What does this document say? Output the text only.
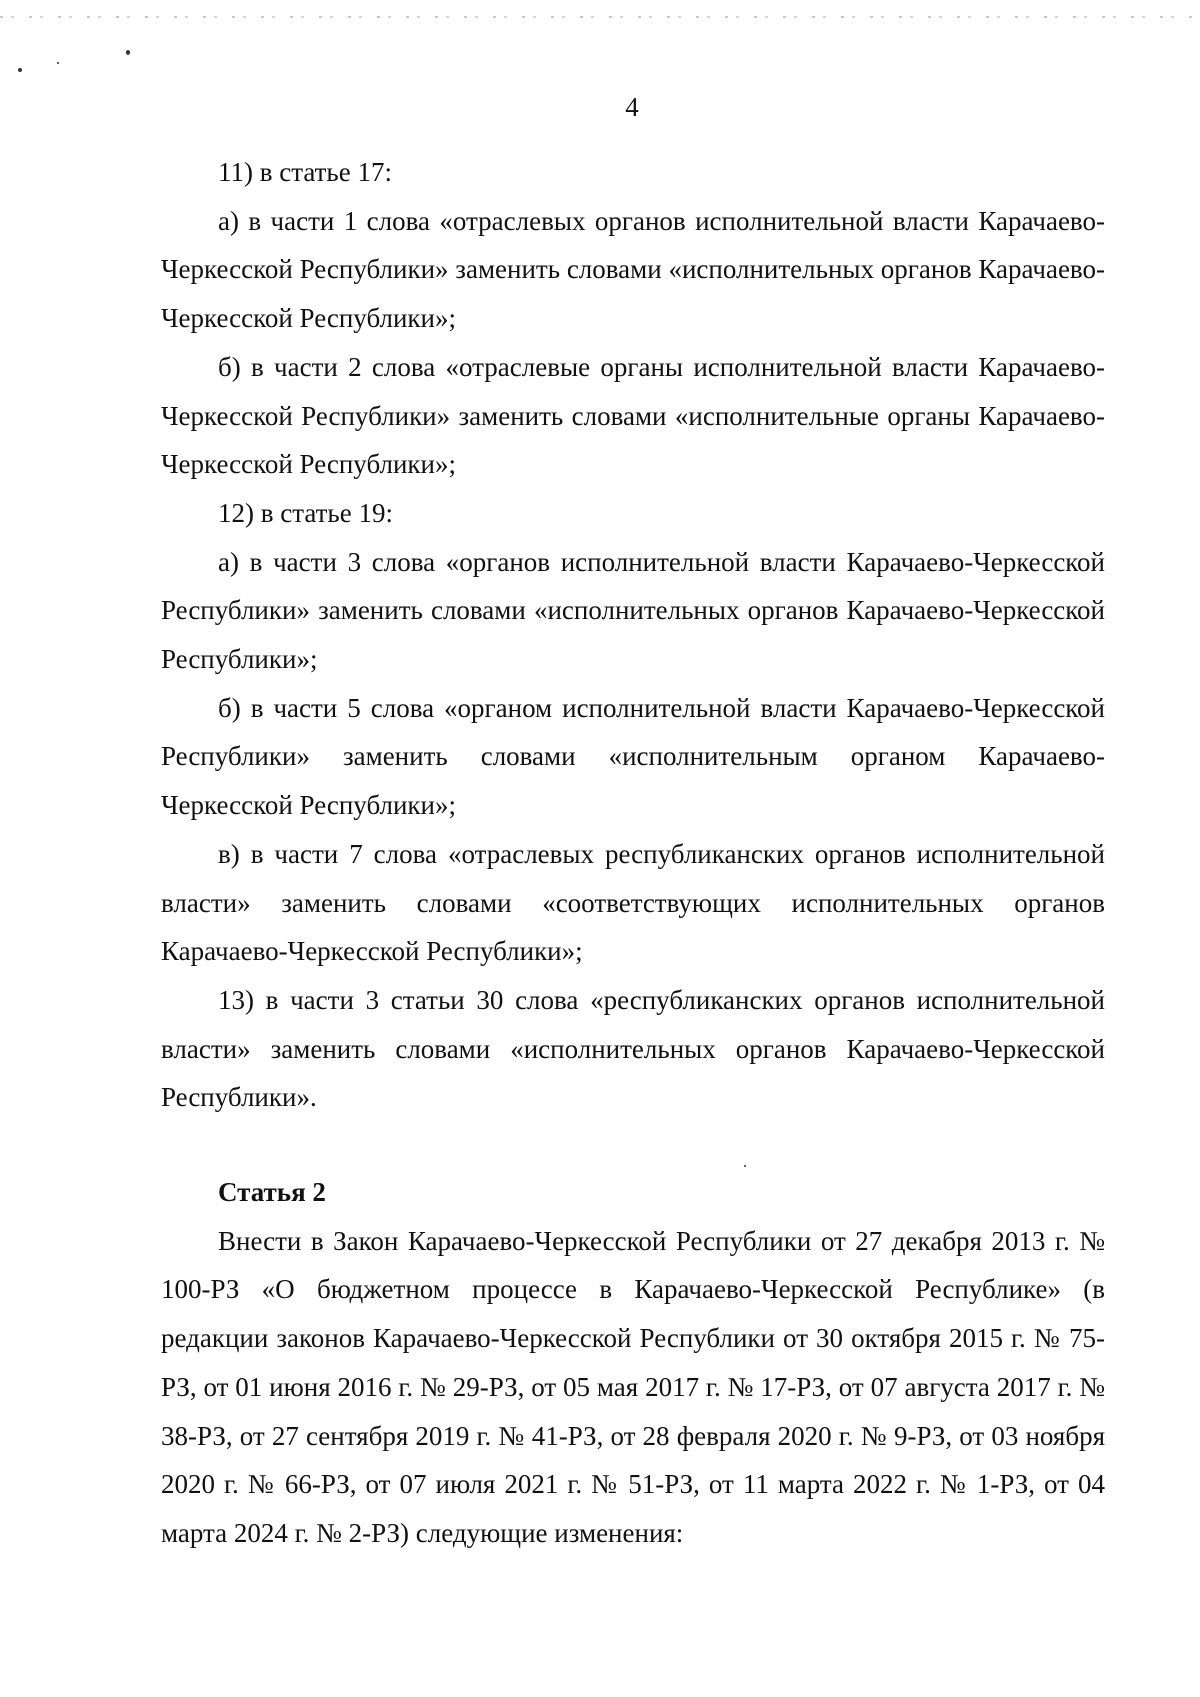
4

11) в статье 17:

а) в части 1 слова «отраслевых органов исполнительной власти Карачаево-Черкесской Республики» заменить словами «исполнительных органов Карачаево-Черкесской Республики»;

б) в части 2 слова «отраслевые органы исполнительной власти Карачаево-Черкесской Республики» заменить словами «исполнительные органы Карачаево-Черкесской Республики»;

12) в статье 19:

а) в части 3 слова «органов исполнительной власти Карачаево-Черкесской Республики» заменить словами «исполнительных органов Карачаево-Черкесской Республики»;

б) в части 5 слова «органом исполнительной власти Карачаево-Черкесской Республики» заменить словами «исполнительным органом Карачаево-Черкесской Республики»;

в) в части 7 слова «отраслевых республиканских органов исполнительной власти» заменить словами «соответствующих исполнительных органов Карачаево-Черкесской Республики»;

13) в части 3 статьи 30 слова «республиканских органов исполнительной власти» заменить словами «исполнительных органов Карачаево-Черкесской Республики».

Статья 2

Внести в Закон Карачаево-Черкесской Республики от 27 декабря 2013 г. № 100-РЗ «О бюджетном процессе в Карачаево-Черкесской Республике» (в редакции законов Карачаево-Черкесской Республики от 30 октября 2015 г. № 75-РЗ, от 01 июня 2016 г. № 29-РЗ, от 05 мая 2017 г. № 17-РЗ, от 07 августа 2017 г. № 38-РЗ, от 27 сентября 2019 г. № 41-РЗ, от 28 февраля 2020 г. № 9-РЗ, от 03 ноября 2020 г. № 66-РЗ, от 07 июля 2021 г. № 51-РЗ, от 11 марта 2022 г. № 1-РЗ, от 04 марта 2024 г. № 2-РЗ) следующие изменения:
